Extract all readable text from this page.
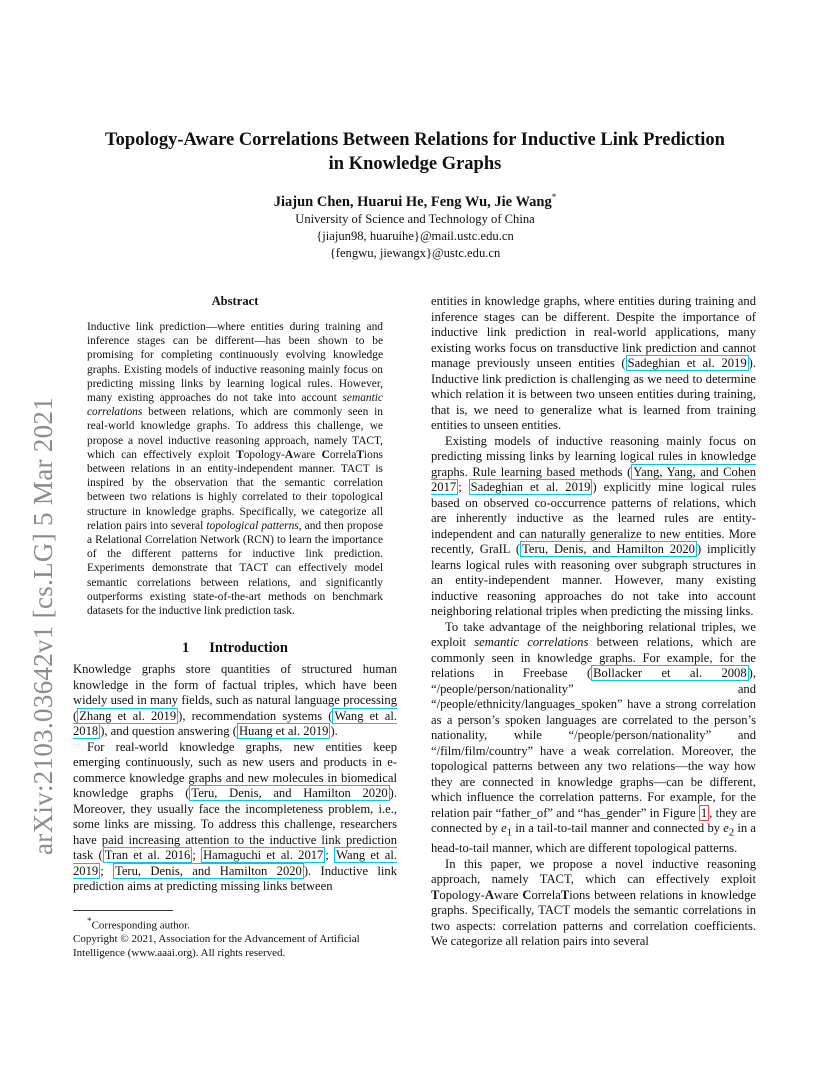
arXiv:2103.03642v1 [cs.LG] 5 Mar 2021
Topology-Aware Correlations Between Relations for Inductive Link Prediction
in Knowledge Graphs
Jiajun Chen, Huarui He, Feng Wu, Jie Wang*
University of Science and Technology of China
{jiajun98, huaruihe}@mail.ustc.edu.cn
{fengwu, jiewangx}@ustc.edu.cn
Abstract

Inductive link prediction—where entities during training and inference stages can be different—has been shown to be promising for completing continuously evolving knowledge graphs. Existing models of inductive reasoning mainly focus on predicting missing links by learning logical rules. However, many existing approaches do not take into account semantic correlations between relations, which are commonly seen in real-world knowledge graphs. To address this challenge, we propose a novel inductive reasoning approach, namely TACT, which can effectively exploit Topology-Aware CorrelaTions between relations in an entity-independent manner. TACT is inspired by the observation that the semantic correlation between two relations is highly correlated to their topological structure in knowledge graphs. Specifically, we categorize all relation pairs into several topological patterns, and then propose a Relational Correlation Network (RCN) to learn the importance of the different patterns for inductive link prediction. Experiments demonstrate that TACT can effectively model semantic correlations between relations, and significantly outperforms existing state-of-the-art methods on benchmark datasets for the inductive link prediction task.

1 Introduction

Knowledge graphs store quantities of structured human knowledge in the form of factual triples, which have been widely used in many fields, such as natural language processing ( Zhang et al. 2019 ), recommendation systems ( Wang et al. 2018 ), and question answering ( Huang et al. 2019 ).

For real-world knowledge graphs, new entities keep emerging continuously, such as new users and products in e-commerce knowledge graphs and new molecules in biomedical knowledge graphs ( Teru, Denis, and Hamilton 2020 ). Moreover, they usually face the incompleteness problem, i.e., some links are missing. To address this challenge, researchers have paid increasing attention to the inductive link prediction task ( Tran et al. 2016 ; Hamaguchi et al. 2017 ; Wang et al. 2019 ; Teru, Denis, and Hamilton 2020 ). Inductive link prediction aims at predicting missing links between

*Corresponding author.

Copyright © 2021, Association for the Advancement of Artificial Intelligence (www.aaai.org). All rights reserved.

entities in knowledge graphs, where entities during training and inference stages can be different. Despite the importance of inductive link prediction in real-world applications, many existing works focus on transductive link prediction and cannot manage previously unseen entities ( Sadeghian et al. 2019 ). Inductive link prediction is challenging as we need to determine which relation it is between two unseen entities during training, that is, we need to generalize what is learned from training entities to unseen entities.

Existing models of inductive reasoning mainly focus on predicting missing links by learning logical rules in knowledge graphs. Rule learning based methods ( Yang, Yang, and Cohen 2017 ; Sadeghian et al. 2019 ) explicitly mine logical rules based on observed co-occurrence patterns of relations, which are inherently inductive as the learned rules are entity-independent and can naturally generalize to new entities. More recently, GraIL ( Teru, Denis, and Hamilton 2020 ) implicitly learns logical rules with reasoning over subgraph structures in an entity-independent manner. However, many existing inductive reasoning approaches do not take into account neighboring relational triples when predicting the missing links.

To take advantage of the neighboring relational triples, we exploit semantic correlations between relations, which are commonly seen in knowledge graphs. For example, for the relations in Freebase ( Bollacker et al. 2008 ), “/people/person/nationality” and “/people/ethnicity/languages_spoken” have a strong correlation as a person’s spoken languages are correlated to the person’s nationality, while “/people/person/nationality” and “/film/film/country” have a weak correlation. Moreover, the topological patterns between any two relations—the way how they are connected in knowledge graphs—can be different, which influence the correlation patterns. For example, for the relation pair “father_of” and “has_gender” in Figure 1 , they are connected by $e_1$ in a tail-to-tail manner and connected by $e_2$ in a head-to-tail manner, which are different topological patterns.

In this paper, we propose a novel inductive reasoning approach, namely TACT, which can effectively exploit Topology-Aware CorrelaTions between relations in knowledge graphs. Specifically, TACT models the semantic correlations in two aspects: correlation patterns and correlation coefficients. We categorize all relation pairs into several
